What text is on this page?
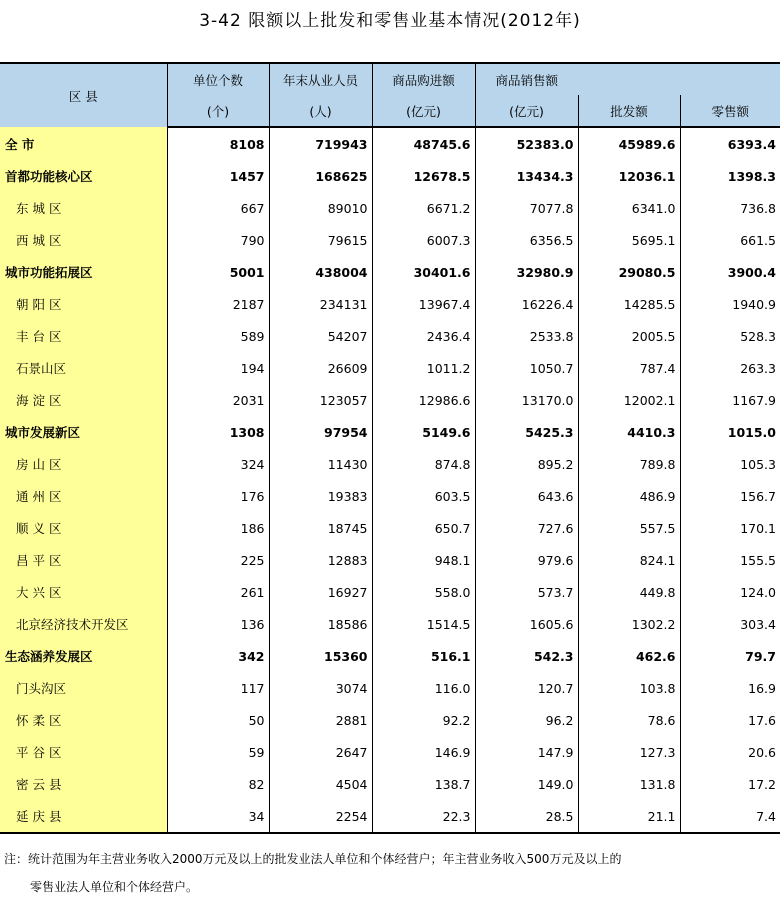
3-42 限额以上批发和零售业基本情况(2012年)
区 县	单位个数	年末从业人员	商品购进额	商品销售额		
	(个)	(人)	(亿元)	(亿元)	批发额	零售额
全 市	8108	719943	48745.6	52383.0	45989.6	6393.4
首都功能核心区	1457	168625	12678.5	13434.3	12036.1	1398.3
东 城 区	667	89010	6671.2	7077.8	6341.0	736.8
西 城 区	790	79615	6007.3	6356.5	5695.1	661.5
城市功能拓展区	5001	438004	30401.6	32980.9	29080.5	3900.4
朝 阳 区	2187	234131	13967.4	16226.4	14285.5	1940.9
丰 台 区	589	54207	2436.4	2533.8	2005.5	528.3
石景山区	194	26609	1011.2	1050.7	787.4	263.3
海 淀 区	2031	123057	12986.6	13170.0	12002.1	1167.9
城市发展新区	1308	97954	5149.6	5425.3	4410.3	1015.0
房 山 区	324	11430	874.8	895.2	789.8	105.3
通 州 区	176	19383	603.5	643.6	486.9	156.7
顺 义 区	186	18745	650.7	727.6	557.5	170.1
昌 平 区	225	12883	948.1	979.6	824.1	155.5
大 兴 区	261	16927	558.0	573.7	449.8	124.0
北京经济技术开发区	136	18586	1514.5	1605.6	1302.2	303.4
生态涵养发展区	342	15360	516.1	542.3	462.6	79.7
门头沟区	117	3074	116.0	120.7	103.8	16.9
怀 柔 区	50	2881	92.2	96.2	78.6	17.6
平 谷 区	59	2647	146.9	147.9	127.3	20.6
密 云 县	82	4504	138.7	149.0	131.8	17.2
延 庆 县	34	2254	22.3	28.5	21.1	7.4
注：统计范围为年主营业务收入2000万元及以上的批发业法人单位和个体经营户；年主营业务收入500万元及以上的
零售业法人单位和个体经营户。
